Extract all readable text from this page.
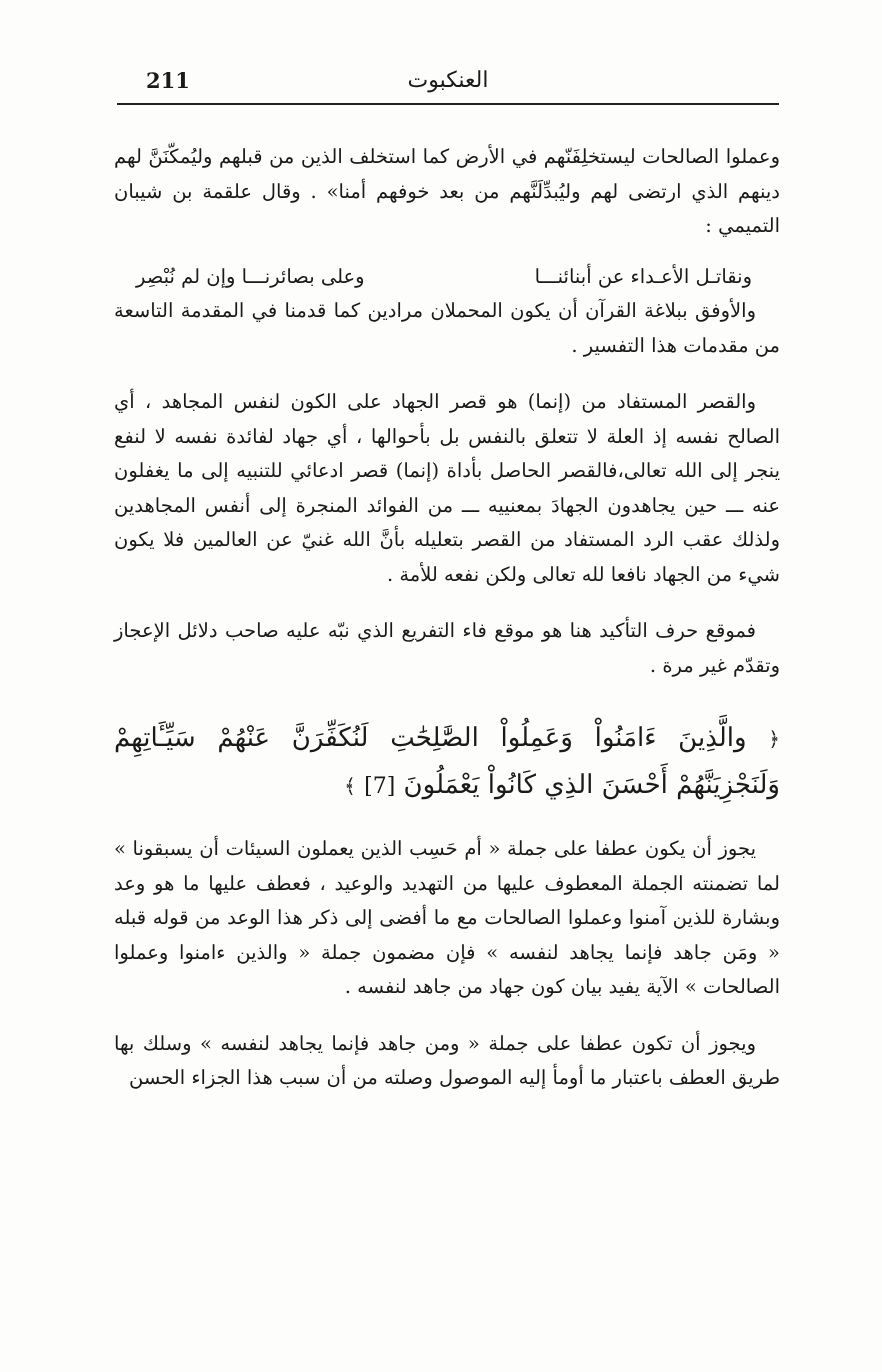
211	العنكبوت

وعملوا الصالحات ليستخلِفَنّهم في الأرض كما استخلف الذين من قبلهم وليُمكّنَنَّ لهم دينهم الذي ارتضى لهم وليُبدِّلَنَّهم من بعد خوفهم أمنا» . وقال علقمة بن شيبان التميمي :

ونقاتـل الأعـداء عن أبنائنـــا
وعلى بصائرنـــا وإن لم نُبْصِر

والأوفق ببلاغة القرآن أن يكون المحملان مرادين كما قدمنا في المقدمة التاسعة من مقدمات هذا التفسير .

والقصر المستفاد من (إنما) هو قصر الجهاد على الكون لنفس المجاهد ، أي الصالح نفسه إذ العلة لا تتعلق بالنفس بل بأحوالها ، أي جهاد لفائدة نفسه لا لنفع ينجر إلى الله تعالى،فالقصر الحاصل بأداة (إنما) قصر ادعائي للتنبيه إلى ما يغفلون عنه ـــ حين يجاهدون الجهادَ بمعنييه ـــ من الفوائد المنجرة إلى أنفس المجاهدين ولذلك عقب الرد المستفاد من القصر بتعليله بأنَّ الله غنيّ عن العالمين فلا يكون شيء من الجهاد نافعا لله تعالى ولكن نفعه للأمة .

فموقع حرف التأكيد هنا هو موقع فاء التفريع الذي نبّه عليه صاحب دلائل الإعجاز وتقدّم غير مرة .

﴿ والَّذِينَ ءَامَنُواْ وَعَمِلُواْ الصَّٰلِحَٰتِ لَنُكَفِّرَنَّ عَنْهُمْ سَيِّـَٔاتِهِمْ وَلَنَجْزِيَنَّهُمْ أَحْسَنَ الذِي كَانُواْ يَعْمَلُونَ [7] ﴾

يجوز أن يكون عطفا على جملة « أم حَسِب الذين يعملون السيئات أن يسبقونا » لما تضمنته الجملة المعطوف عليها من التهديد والوعيد ، فعطف عليها ما هو وعد وبشارة للذين آمنوا وعملوا الصالحات مع ما أفضى إلى ذكر هذا الوعد من قوله قبله « ومَن جاهد فإنما يجاهد لنفسه » فإن مضمون جملة « والذين ءامنوا وعملوا الصالحات » الآية يفيد بيان كون جهاد من جاهد لنفسه .

ويجوز أن تكون عطفا على جملة « ومن جاهد فإنما يجاهد لنفسه » وسلك بها طريق العطف باعتبار ما أومأ إليه الموصول وصلته من أن سبب هذا الجزاء الحسن
